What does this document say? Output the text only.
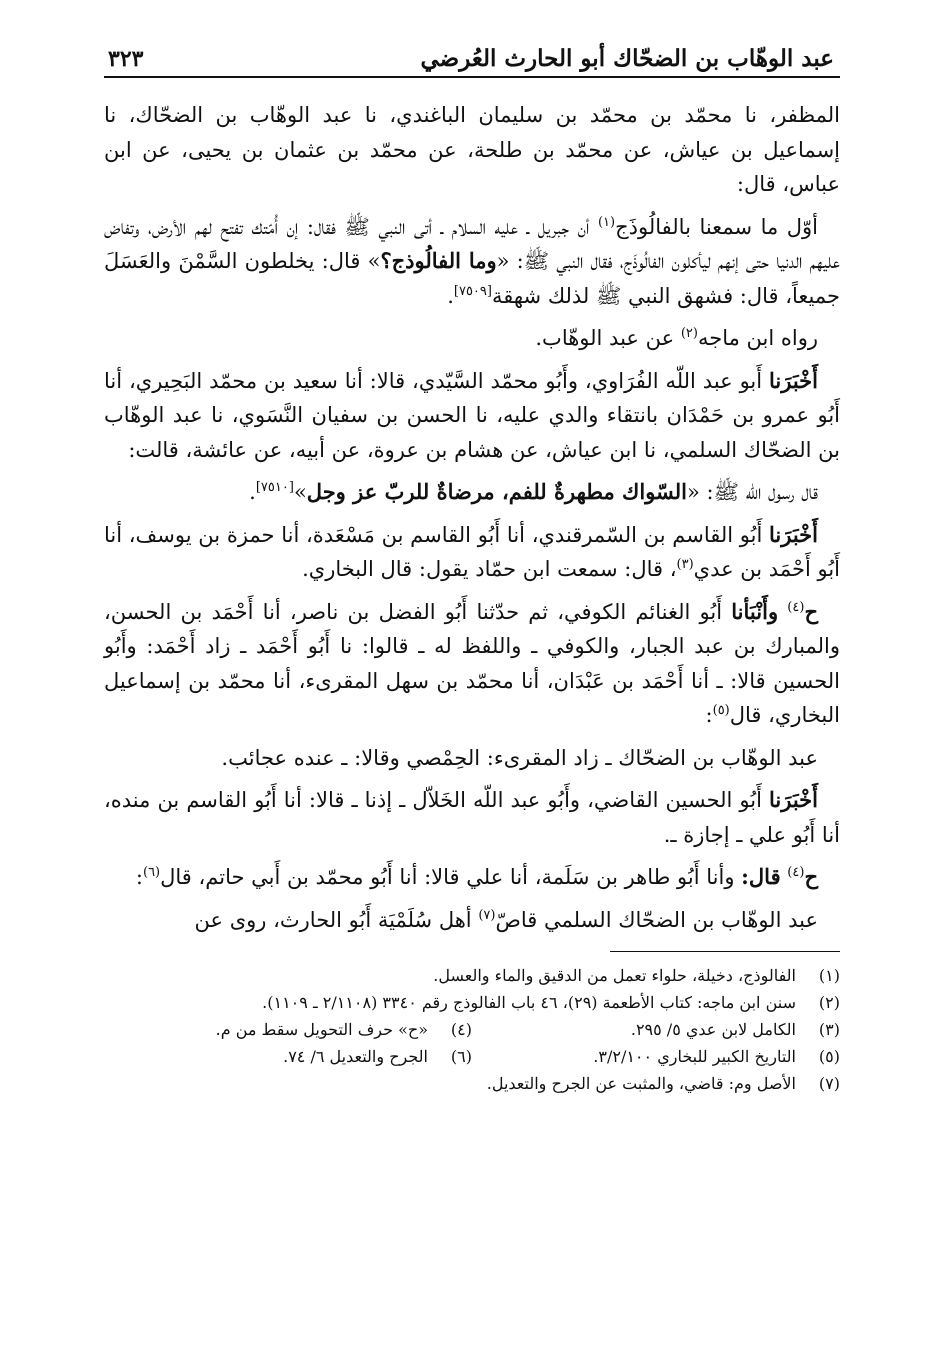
عبد الوهّاب بن الضحّاك أبو الحارث العُرضي
٣٢٣

المظفر، نا محمّد بن محمّد بن سليمان الباغندي، نا عبد الوهّاب بن الضحّاك، نا إسماعيل بن عياش، عن محمّد بن طلحة، عن محمّد بن عثمان بن يحيى، عن ابن عباس، قال:

أوّل ما سمعنا بالفالُوذَج$^{(١)}$ أن جبريل ـ عليه السلام ـ أتى النبي ﷺ فقال: إن أُمّتك تفتح لهم الأرض، وتفاض عليهم الدنيا حتى إنهم ليأكلون الفالُوذَج، فقال النبي ﷺ: «وما الفالُوذج؟» قال: يخلطون السَّمْنَ والعَسَلَ جميعاً، قال: فشهق النبي ﷺ لذلك شهقة[٧٥٠٩].

رواه ابن ماجه$^{(٢)}$ عن عبد الوهّاب.

أَخْبَرَنا أَبو عبد اللّه الفُرَاوي، وأَبُو محمّد السَّيّدي، قالا: أنا سعيد بن محمّد البَحِيري، أنا أَبُو عمرو بن حَمْدَان بانتقاء والدي عليه، نا الحسن بن سفيان النَّسَوي، نا عبد الوهّاب بن الضحّاك السلمي، نا ابن عياش، عن هشام بن عروة، عن أبيه، عن عائشة، قالت:

قال رسول اللّه ﷺ: «السّواك مطهرةٌ للفم، مرضاةٌ للربّ عز وجل»[٧٥١٠].

أَخْبَرَنا أَبُو القاسم بن السّمرقندي، أنا أَبُو القاسم بن مَسْعَدة، أنا حمزة بن يوسف، أنا أَبُو أَحْمَد بن عدي$^{(٣)}$، قال: سمعت ابن حمّاد يقول: قال البخاري.

ح$^{(٤)}$ وأَنْبَأنا أَبُو الغنائم الكوفي، ثم حدّثنا أَبُو الفضل بن ناصر، أنا أَحْمَد بن الحسن، والمبارك بن عبد الجبار، والكوفي ـ واللفظ له ـ قالوا: نا أَبُو أَحْمَد ـ زاد أَحْمَد: وأَبُو الحسين قالا: ـ أنا أَحْمَد بن عَبْدَان، أنا محمّد بن سهل المقرىء، أنا محمّد بن إسماعيل البخاري، قال$^{(٥)}$:

عبد الوهّاب بن الضحّاك ـ زاد المقرىء: الحِمْصي وقالا: ـ عنده عجائب.

أَخْبَرَنا أَبُو الحسين القاضي، وأَبُو عبد اللّه الخَلاّل ـ إذنا ـ قالا: أنا أَبُو القاسم بن منده، أنا أَبُو علي ـ إجازة ـ.

ح$^{(٤)}$ قال: وأنا أَبُو طاهر بن سَلَمة، أنا علي قالا: أنا أَبُو محمّد بن أَبي حاتم، قال$^{(٦)}$:

عبد الوهّاب بن الضحّاك السلمي قاصّ$^{(٧)}$ أهل سُلَمْيَة أَبُو الحارث، روى عن

(١)
الفالوذج، دخيلة، حلواء تعمل من الدقيق والماء والعسل.
(٢)
سنن ابن ماجه: كتاب الأطعمة (٢٩)، ٤٦ باب الفالوذج رقم ٣٣٤٠ (٢/١١٠٨ ـ ١١٠٩).
(٣)
الكامل لابن عدي ٥/ ٢٩٥.
(٤)
«ح» حرف التحويل سقط من م.
(٥)
التاريخ الكبير للبخاري ٣/٢/١٠٠.
(٦)
الجرح والتعديل ٦/ ٧٤.
(٧)
الأصل وم: قاضي، والمثبت عن الجرح والتعديل.
